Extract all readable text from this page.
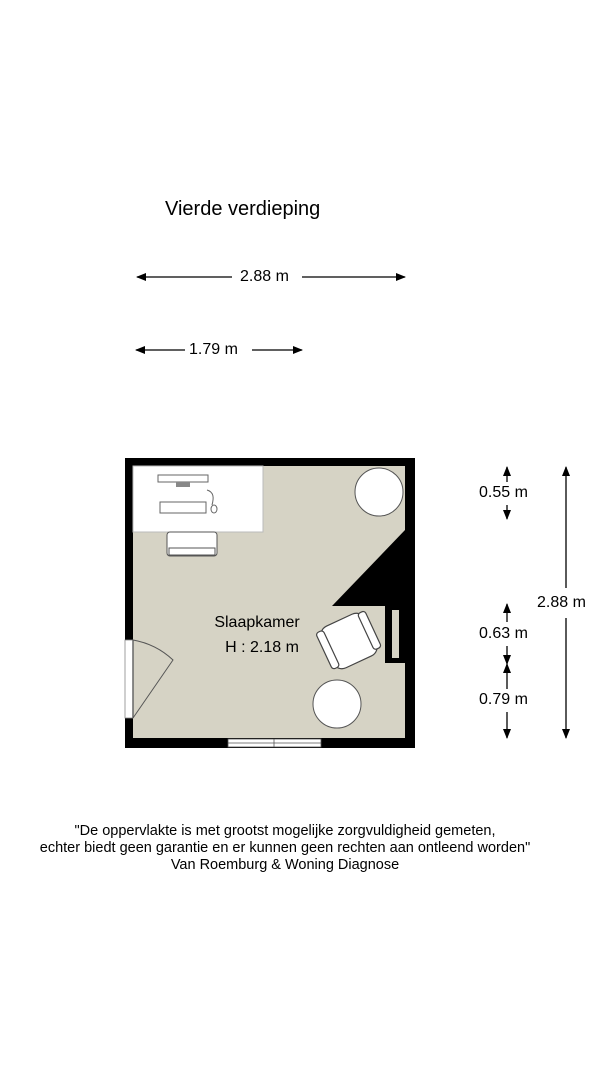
Vierde verdieping
Slaapkamer
H : 2.18 m
2.88 m
1.79 m
2.88 m
0.55 m
0.63 m
0.79 m
"De oppervlakte is met grootst mogelijke zorgvuldigheid gemeten,
echter biedt geen garantie en er kunnen geen rechten aan ontleend worden"
Van Roemburg & Woning Diagnose
